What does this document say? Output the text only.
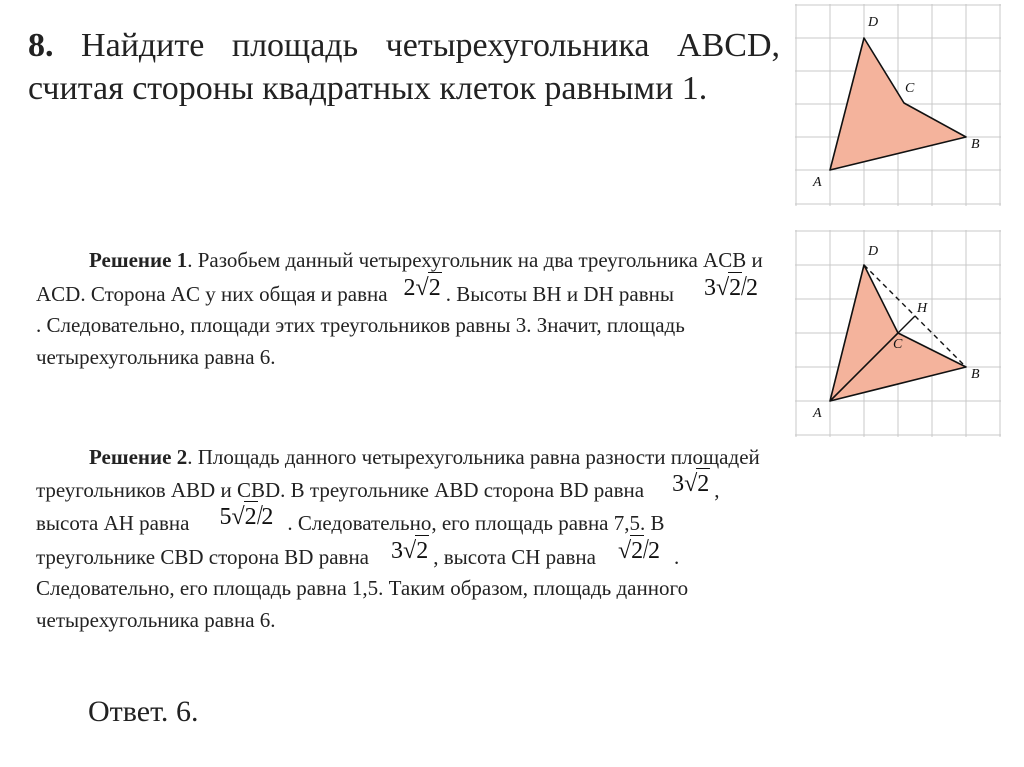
8. Найдите площадь четырехугольника ABCD, считая стороны квадратных клеток равными 1.
Решение 1. Разобьем данный четырехугольник на два треугольника ACB и ACD. Сторона AC у них общая и равна 2√2 . Высоты BH и DH равны 3√2/2. Следовательно, площади этих треугольников равны 3. Значит, площадь четырехугольника равна 6.
Решение 2. Площадь данного четырехугольника равна разности площадей треугольников ABD и CBD. В треугольнике ABD сторона BD равна 3√2 , высота AH равна 5√2/2 . Следовательно, его площадь равна 7,5. В треугольнике CBD сторона BD равна 3√2 , высота CH равна √2/2 . Следовательно, его площадь равна 1,5. Таким образом, площадь данного четырехугольника равна 6.
Ответ. 6.
D
C
B
A
D
H
C
B
A
